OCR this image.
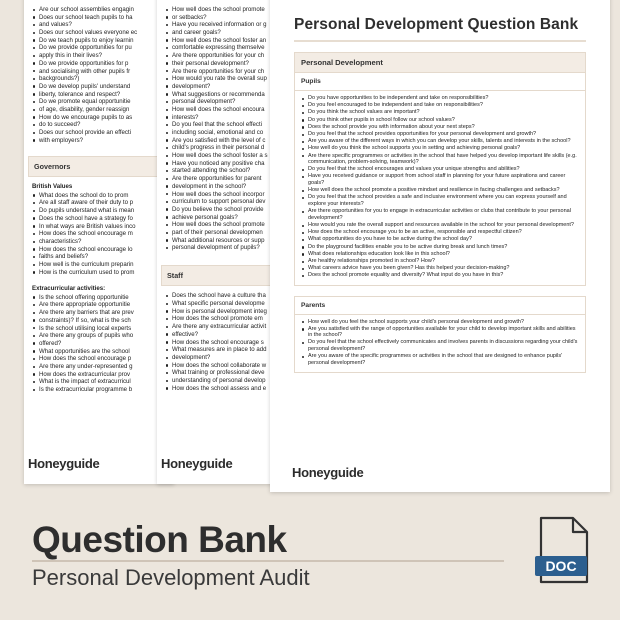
Are our school assemblies engagin
Does our school teach pupils to ha
and values?
Does our school values everyone ec
Do we teach pupils to enjoy learnin
Do we provide opportunities for pu
apply this in their lives?
Do we provide opportunities for p
and socialising with other pupils fr
backgrounds?)
Do we develop pupils' understand
liberty, tolerance and respect?
Do we promote equal opportunitie
of age, disability, gender reassign
How do we encourage pupils to as
do to succeed?
Does our school provide an effecti
with employers?
Governors
British Values
What does the school do to prom
Are all staff aware of their duty to p
Do pupils understand what is mean
Does the school have a strategy fo
In what ways are British values inco
How does the school encourage m
characteristics?
How does the school encourage lo
faiths and beliefs?
How well is the curriculum preparin
How is the curriculum used to prom
Extracurricular activities:
Is the school offering opportunitie
Are there appropriate opportunitie
Are there any barriers that are prev
constraints)? If so, what is the sch
Is the school utilising local experts
Are there any groups of pupils who
offered?
What opportunities are the school
How does the school encourage p
Are there any under-represented g
How does the extracurricular prov
What is the impact of extracurricul
Is the extracurricular programme b
Honeyguide
How well does the school promote
or setbacks?
Have you received information or g
and career goals?
How well does the school foster an
comfortable expressing themselve
Are there opportunities for your ch
their personal development?
Are there opportunities for your ch
How would you rate the overall sup
development?
What suggestions or recommenda
personal development?
How well does the school encoura
interests?
Do you feel that the school effecti
including social, emotional and co
Are you satisfied with the level of c
child's progress in their personal d
How well does the school foster a s
Have you noticed any positive cha
started attending the school?
Are there opportunities for parent
development in the school?
How well does the school incorpor
curriculum to support personal dev
Do you believe the school provide
achieve personal goals?
How well does the school promote
part of their personal developmen
What additional resources or supp
personal development of pupils?
Staff
Does the school have a culture tha
What specific personal developme
How is personal development integ
How does the school promote em
Are there any extracurricular activit
effective?
How does the school encourage s
What measures are in place to add
development?
How does the school collaborate w
What training or professional deve
understanding of personal develop
How does the school assess and e
Honeyguide
Personal Development Question Bank
Personal Development
Pupils
Do you have opportunities to be independent and take on responsibilities?
Do you feel encouraged to be independent and take on responsibilities?
Do you think the school values are important?
Do you think other pupils in school follow our school values?
Does the school provide you with information about your next steps?
Do you feel that the school provides opportunities for your personal development and growth?
Are you aware of the different ways in which you can develop your skills, talents and interests in the school?
How well do you think the school supports you in setting and achieving personal goals?
Are there specific programmes or activities in the school that have helped you develop important life skills (e.g. communication, problem-solving, teamwork)?
Do you feel that the school encourages and values your unique strengths and abilities?
Have you received guidance or support from school staff in planning for your future aspirations and career goals?
How well does the school promote a positive mindset and resilience in facing challenges and setbacks?
Do you feel that the school provides a safe and inclusive environment where you can express yourself and explore your interests?
Are there opportunities for you to engage in extracurricular activities or clubs that contribute to your personal development?
How would you rate the overall support and resources available in the school for your personal development?
How does the school encourage you to be an active, responsible and respectful citizen?
What opportunities do you have to be active during the school day?
Do the playground facilities enable you to be active during break and lunch times?
What does relationships education look like in this school?
Are healthy relationships promoted in school? How?
What careers advice have you been given? Has this helped your decision-making?
Does the school promote equality and diversity? What input do you have in this?
Parents
How well do you feel the school supports your child's personal development and growth?
Are you satisfied with the range of opportunities available for your child to develop important skills and abilities in the school?
Do you feel that the school effectively communicates and involves parents in discussions regarding your child's personal development?
Are you aware of the specific programmes or activities in the school that are designed to enhance pupils' personal development?
Honeyguide
Question Bank
Personal Development Audit	DOC
